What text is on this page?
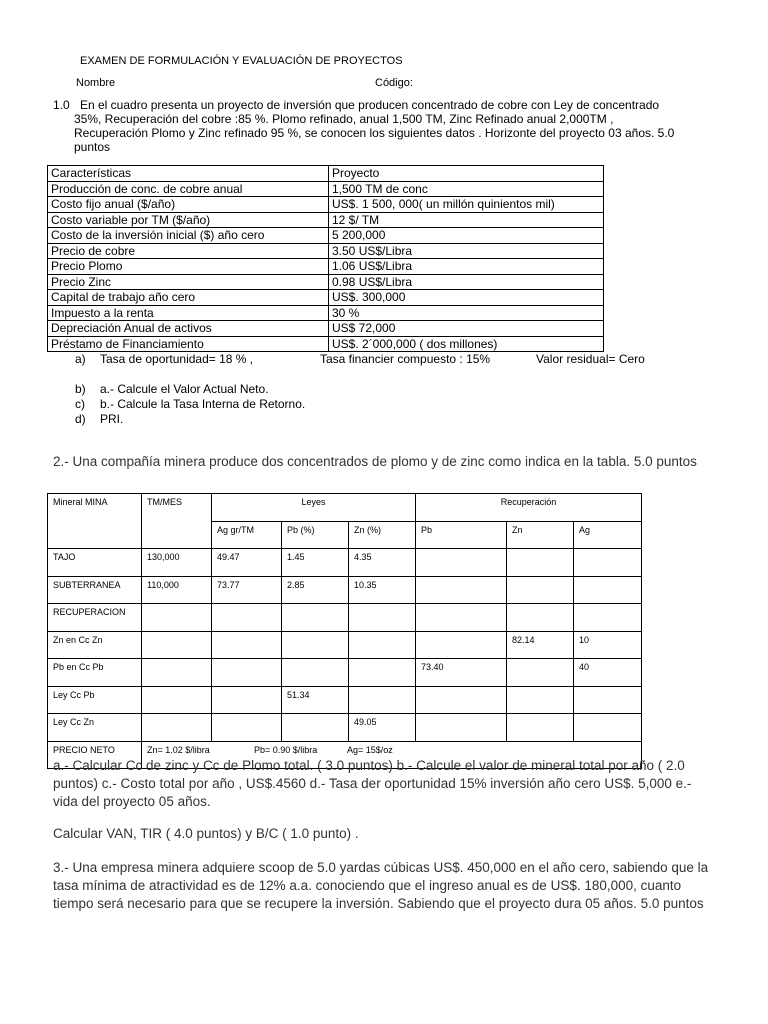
EXAMEN DE FORMULACIÓN Y EVALUACIÓN DE PROYECTOS
Nombre	Código:
1.0 En el cuadro presenta un proyecto de inversión que producen concentrado de cobre con Ley de concentrado
35%, Recuperación del cobre :85 %. Plomo refinado, anual 1,500 TM, Zinc Refinado anual 2,000TM ,
Recuperación Plomo y Zinc refinado 95 %, se conocen los siguientes datos . Horizonte del proyecto 03 años. 5.0
puntos
Características	Proyecto
Producción de conc. de cobre anual	1,500 TM de conc
Costo fijo anual ($/año)	US$. 1 500, 000( un millón quinientos mil)
Costo variable por TM ($/año)	12 $/ TM
Costo de la inversión inicial ($) año cero	5 200,000
Precio de cobre	3.50 US$/Libra
Precio Plomo	1.06 US$/Libra
Precio Zinc	0.98 US$/Libra
Capital de trabajo año cero	US$. 300,000
Impuesto a la renta	30 %
Depreciación Anual de activos	US$ 72,000
Préstamo de Financiamiento	US$. 2´000,000 ( dos millones)
a) Tasa de oportunidad= 18 % ,	Tasa financier compuesto : 15%	Valor residual= Cero
b) a.- Calcule el Valor Actual Neto.
c) b.- Calcule la Tasa Interna de Retorno.
d) PRI.
2.- Una compañía minera produce dos concentrados de plomo y de zinc como indica en la tabla. 5.0 puntos
Mineral MINA	TM/MES	Leyes			Recuperación		
		Ag gr/TM	Pb (%)	Zn (%)	Pb	Zn	Ag
TAJO	130,000	49.47	1.45	4.35			
SUBTERRANEA	110,000	73.77	2.85	10.35			
RECUPERACION							
Zn en Cc Zn						82.14	10
Pb en Cc Pb					73.40		40
Ley Cc Pb			51.34				
Ley Cc Zn				49.05			
PRECIO NETO	Zn= 1.02 $/libra Pb= 0.90 $/libra Ag= 15$/oz						
a.- Calcular Cc de zinc y Cc de Plomo total. ( 3.0 puntos) b.- Calcule el valor de mineral total por año ( 2.0
puntos) c.- Costo total por año , US$.4560 d.- Tasa der oportunidad 15% inversión año cero US$. 5,000 e.-
vida del proyecto 05 años.
Calcular VAN, TIR ( 4.0 puntos) y B/C ( 1.0 punto) .
3.- Una empresa minera adquiere scoop de 5.0 yardas cúbicas US$. 450,000 en el año cero, sabiendo que la
tasa mínima de atractividad es de 12% a.a. conociendo que el ingreso anual es de US$. 180,000, cuanto
tiempo será necesario para que se recupere la inversión. Sabiendo que el proyecto dura 05 años. 5.0 puntos
